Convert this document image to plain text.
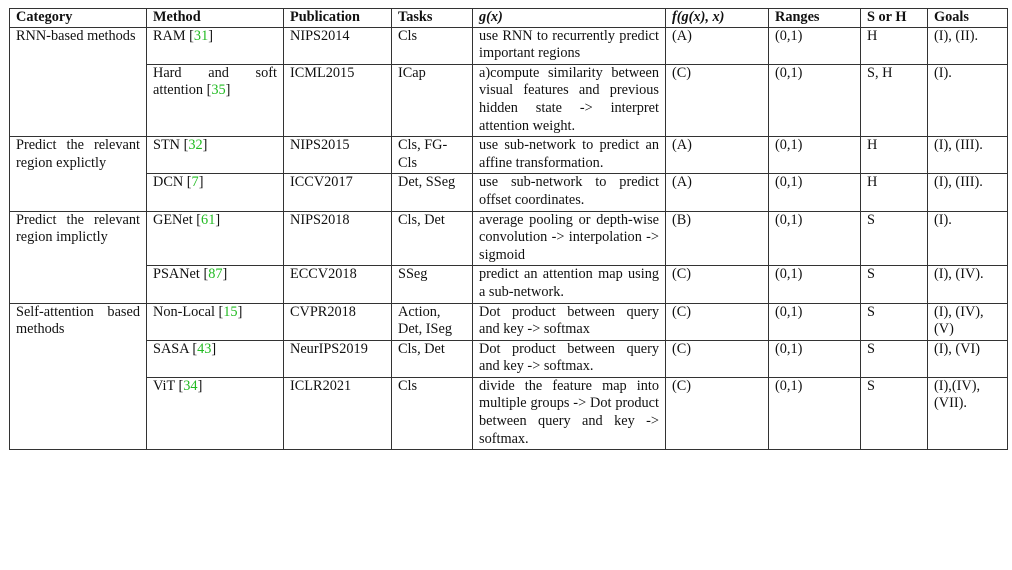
Category	Method	Publication	Tasks	g(x)	f(g(x), x)	Ranges	S or H	Goals
RNN-based methods	RAM [31]	NIPS2014	Cls	use RNN to recurrently predict important regions	(A)	(0,1)	H	(I), (II).
	Hard and soft attention [35]	ICML2015	ICap	a)compute similarity between visual features and previous hidden state -> interpret attention weight.	(C)	(0,1)	S, H	(I).
Predict the relevant region explictly	STN [32]	NIPS2015	Cls, FG-Cls	use sub-network to predict an affine transformation.	(A)	(0,1)	H	(I), (III).
	DCN [7]	ICCV2017	Det, SSeg	use sub-network to predict offset coordinates.	(A)	(0,1)	H	(I), (III).
Predict the relevant region implictly	GENet [61]	NIPS2018	Cls, Det	average pooling or depth-wise convolution -> interpolation -> sigmoid	(B)	(0,1)	S	(I).
	PSANet [87]	ECCV2018	SSeg	predict an attention map using a sub-network.	(C)	(0,1)	S	(I), (IV).
Self-attention based methods	Non-Local [15]	CVPR2018	Action, Det, ISeg	Dot product between query and key -> softmax	(C)	(0,1)	S	(I), (IV), (V)
	SASA [43]	NeurIPS2019	Cls, Det	Dot product between query and key -> softmax.	(C)	(0,1)	S	(I), (VI)
	ViT [34]	ICLR2021	Cls	divide the feature map into multiple groups -> Dot product between query and key -> softmax.	(C)	(0,1)	S	(I),(IV), (VII).
